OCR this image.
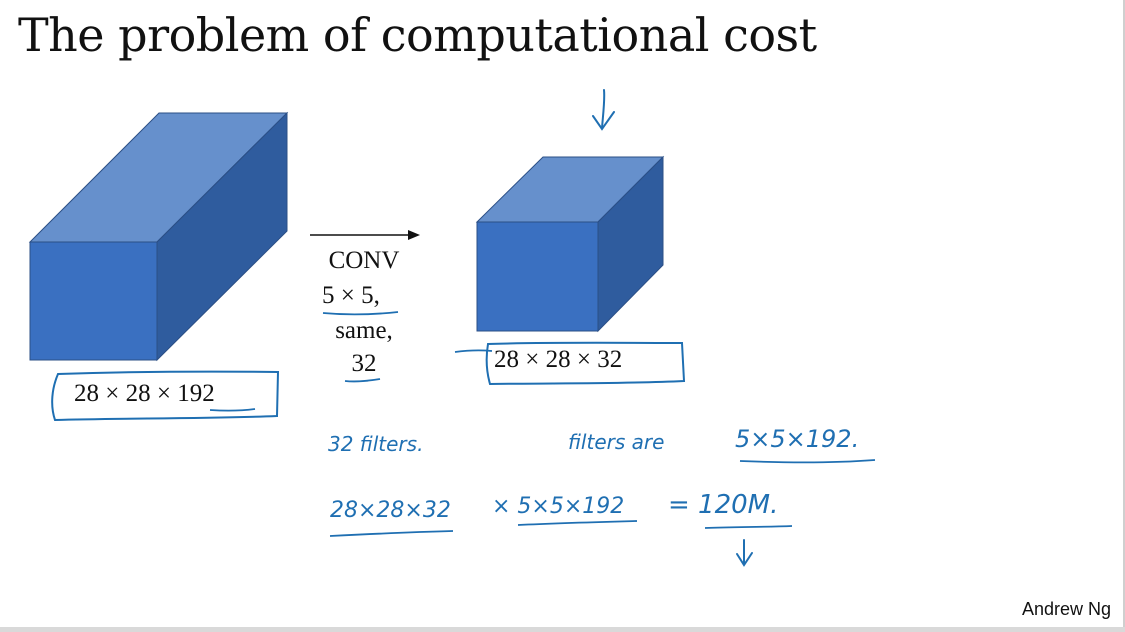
The problem of computational cost
28 × 28 × 192
28 × 28 × 32
CONV
5 × 5,
same,
32
32 filters.	filters are	5×5×192.
28×28×32 × 5×5×192 = 120M.
Andrew Ng
